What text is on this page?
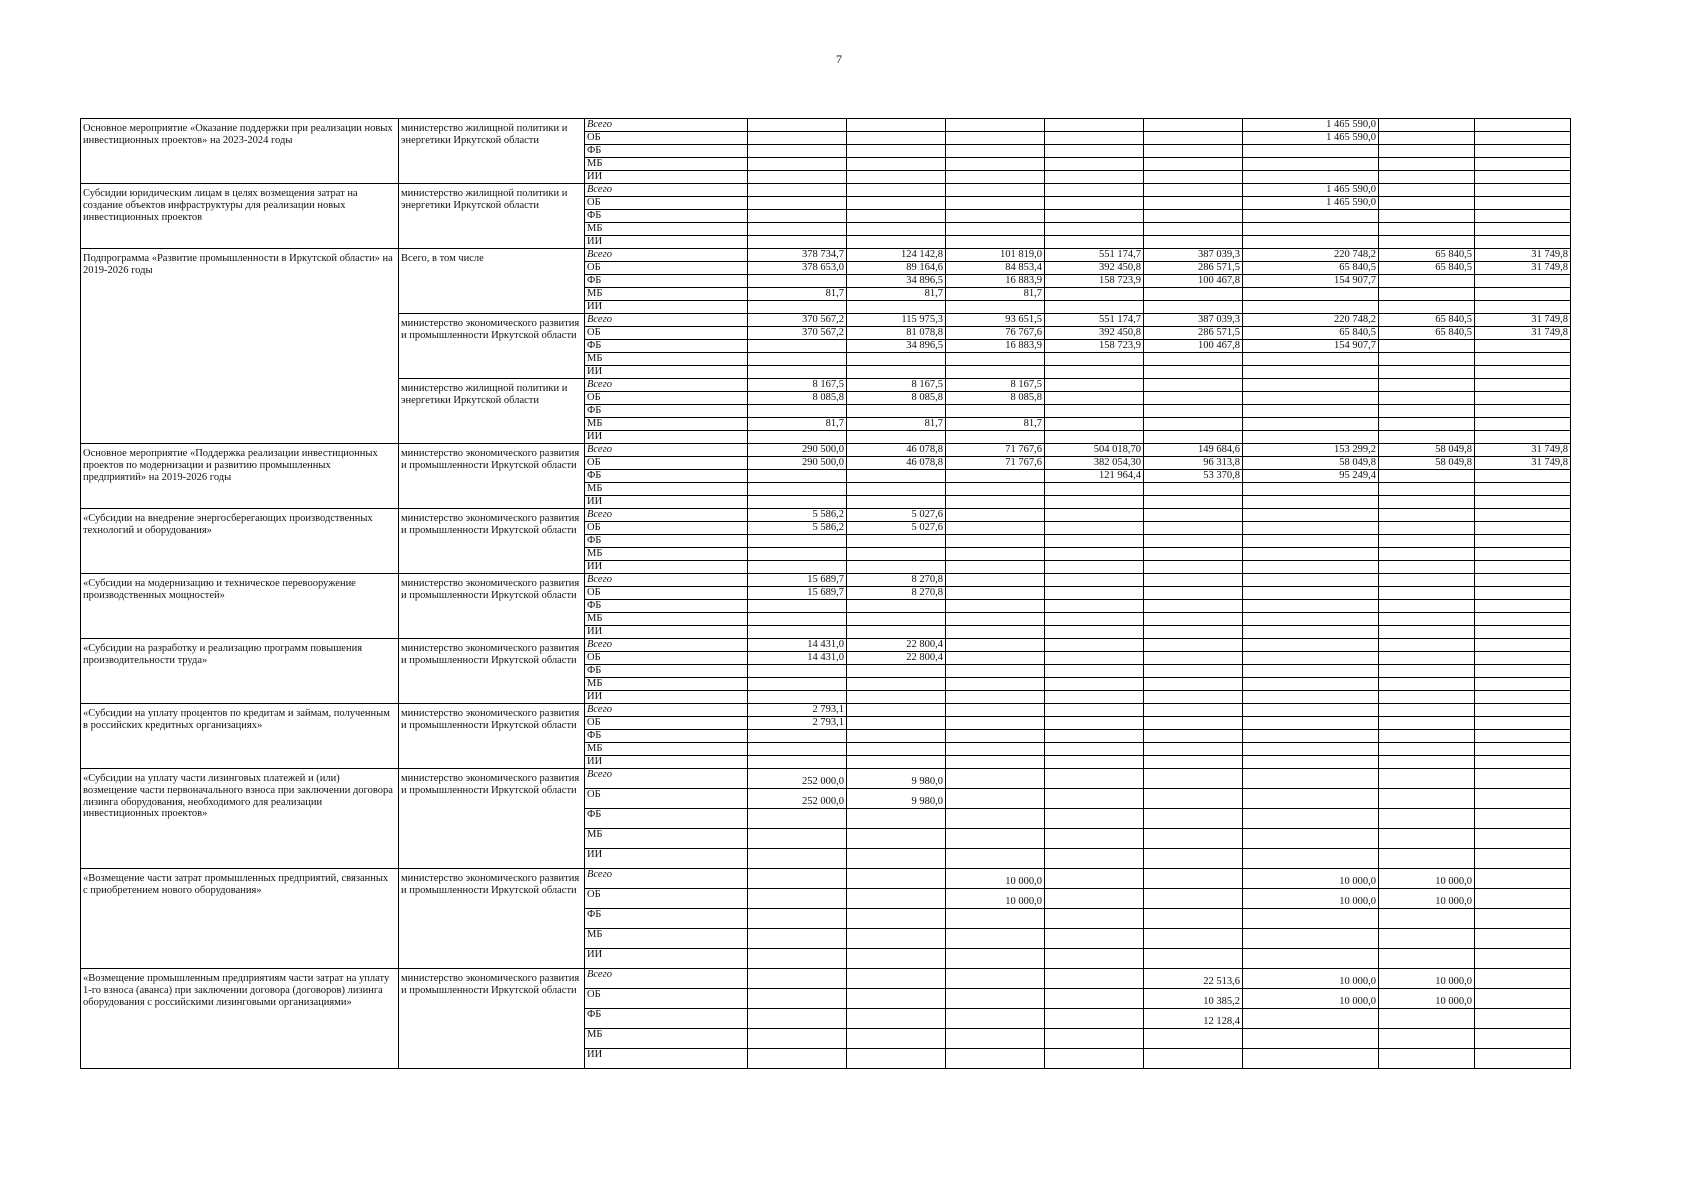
7
Основное мероприятие «Оказание поддержки при реализации новых инвестиционных проектов» на 2023-2024 годы	министерство жилищной политики и энергетики Иркутской области	Всего						1 465 590,0		
		ОБ						1 465 590,0		
		ФБ								
		МБ								
		ИИ								
Субсидии юридическим лицам в целях возмещения затрат на создание объектов инфраструктуры для реализации новых инвестиционных проектов	министерство жилищной политики и энергетики Иркутской области	Всего						1 465 590,0		
		ОБ						1 465 590,0		
		ФБ								
		МБ								
		ИИ								
Подпрограмма «Развитие промышленности в Иркутской области» на 2019-2026 годы	Всего, в том числе	Всего	378 734,7	124 142,8	101 819,0	551 174,7	387 039,3	220 748,2	65 840,5	31 749,8
		ОБ	378 653,0	89 164,6	84 853,4	392 450,8	286 571,5	65 840,5	65 840,5	31 749,8
		ФБ		34 896,5	16 883,9	158 723,9	100 467,8	154 907,7		
		МБ	81,7	81,7	81,7					
		ИИ								
	министерство экономического развития и промышленности Иркутской области	Всего	370 567,2	115 975,3	93 651,5	551 174,7	387 039,3	220 748,2	65 840,5	31 749,8
		ОБ	370 567,2	81 078,8	76 767,6	392 450,8	286 571,5	65 840,5	65 840,5	31 749,8
		ФБ		34 896,5	16 883,9	158 723,9	100 467,8	154 907,7		
		МБ								
		ИИ								
	министерство жилищной политики и энергетики Иркутской области	Всего	8 167,5	8 167,5	8 167,5					
		ОБ	8 085,8	8 085,8	8 085,8					
		ФБ								
		МБ	81,7	81,7	81,7					
		ИИ								
Основное мероприятие «Поддержка реализации инвестиционных проектов по модернизации и развитию промышленных предприятий» на 2019-2026 годы	министерство экономического развития и промышленности Иркутской области	Всего	290 500,0	46 078,8	71 767,6	504 018,70	149 684,6	153 299,2	58 049,8	31 749,8
		ОБ	290 500,0	46 078,8	71 767,6	382 054,30	96 313,8	58 049,8	58 049,8	31 749,8
		ФБ				121 964,4	53 370,8	95 249,4		
		МБ								
		ИИ								
«Субсидии на внедрение энергосберегающих производственных технологий и оборудования»	министерство экономического развития и промышленности Иркутской области	Всего	5 586,2	5 027,6						
		ОБ	5 586,2	5 027,6						
		ФБ								
		МБ								
		ИИ								
«Субсидии на модернизацию и техническое перевооружение производственных мощностей»	министерство экономического развития и промышленности Иркутской области	Всего	15 689,7	8 270,8						
		ОБ	15 689,7	8 270,8						
		ФБ								
		МБ								
		ИИ								
«Субсидии на разработку и реализацию программ повышения производительности труда»	министерство экономического развития и промышленности Иркутской области	Всего	14 431,0	22 800,4						
		ОБ	14 431,0	22 800,4						
		ФБ								
		МБ								
		ИИ								
«Субсидии на уплату процентов по кредитам и займам, полученным в российских кредитных организациях»	министерство экономического развития и промышленности Иркутской области	Всего	2 793,1							
		ОБ	2 793,1							
		ФБ								
		МБ								
		ИИ								
«Субсидии на уплату части лизинговых платежей и (или) возмещение части первоначального взноса при заключении договора лизинга оборудования, необходимого для реализации инвестиционных проектов»	министерство экономического развития и промышленности Иркутской области	Всего	252 000,0	9 980,0						
		ОБ	252 000,0	9 980,0						
		ФБ								
		МБ								
		ИИ								
«Возмещение части затрат промышленных предприятий, связанных с приобретением нового оборудования»	министерство экономического развития и промышленности Иркутской области	Всего			10 000,0			10 000,0	10 000,0	
		ОБ			10 000,0			10 000,0	10 000,0	
		ФБ								
		МБ								
		ИИ								
«Возмещение промышленным предприятиям части затрат на уплату 1-го взноса (аванса) при заключении договора (договоров) лизинга оборудования с российскими лизинговыми организациями»	министерство экономического развития и промышленности Иркутской области	Всего					22 513,6	10 000,0	10 000,0	
		ОБ					10 385,2	10 000,0	10 000,0	
		ФБ					12 128,4			
		МБ								
		ИИ								
